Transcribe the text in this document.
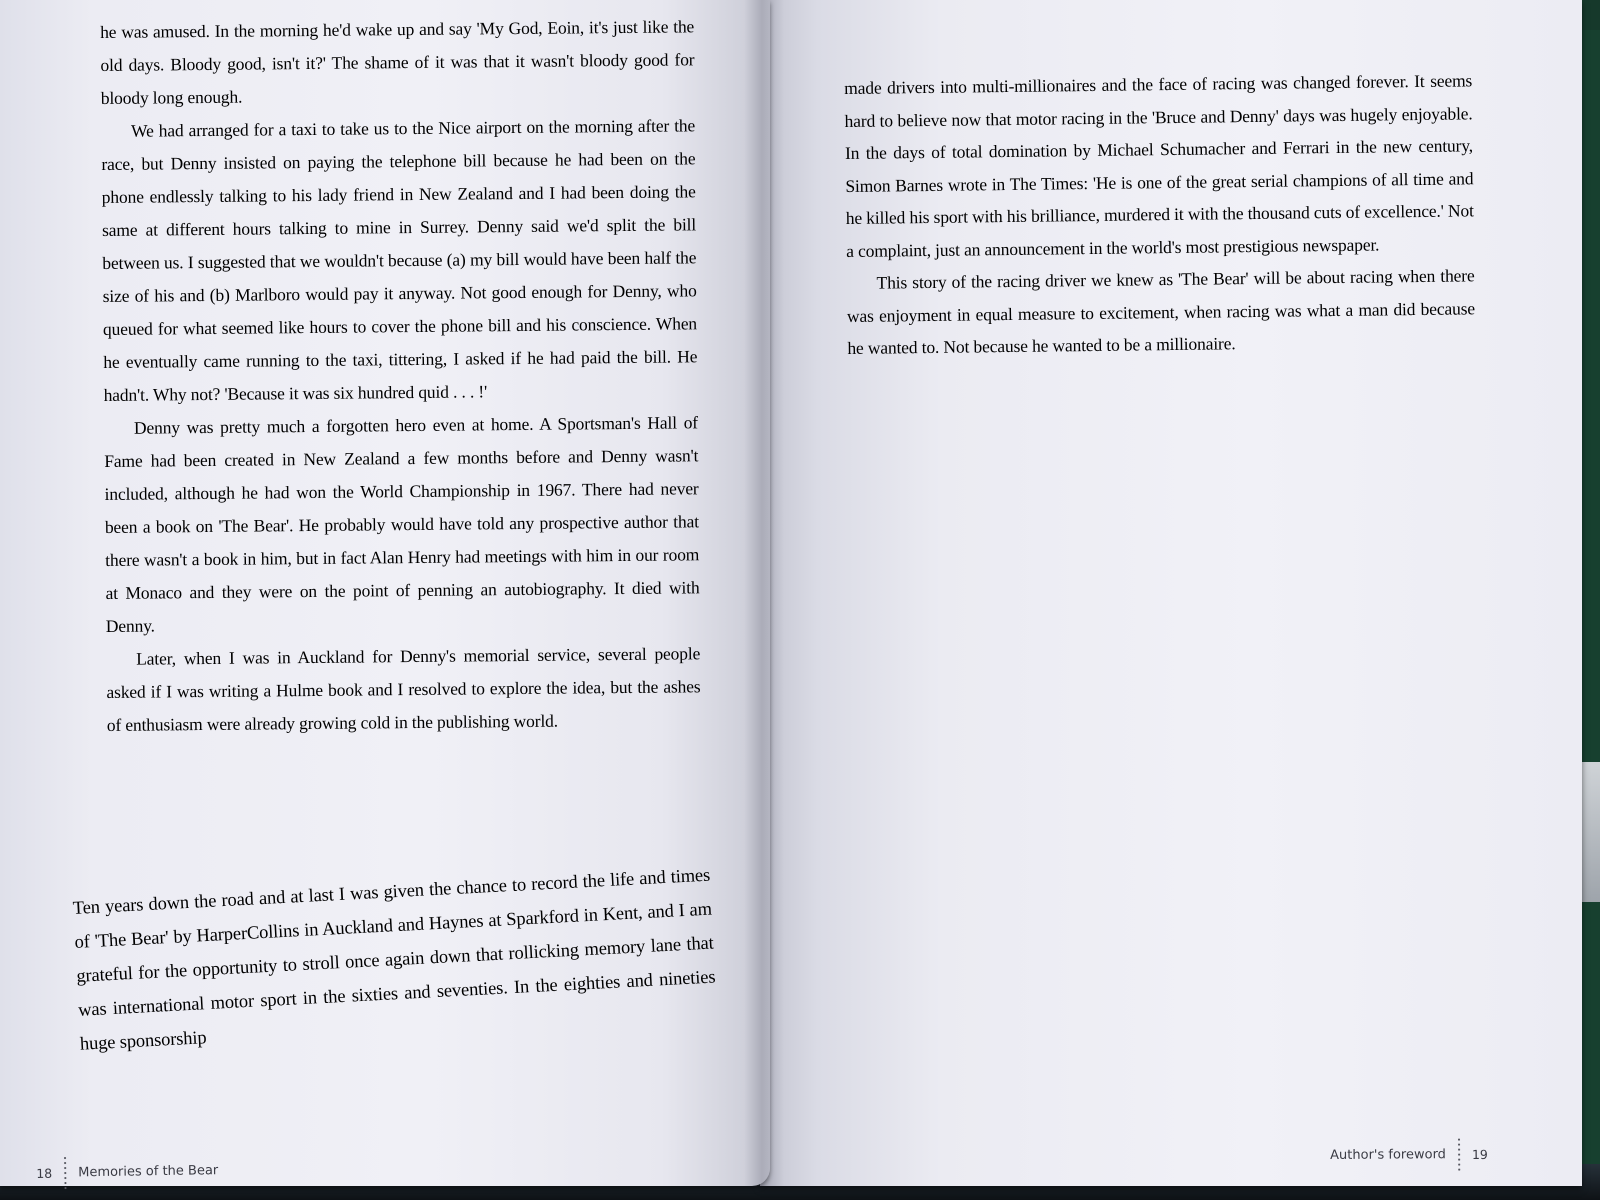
he was amused. In the morning he'd wake up and say 'My God, Eoin, it's just like the old days. Bloody good, isn't it?' The shame of it was that it wasn't bloody good for bloody long enough.

We had arranged for a taxi to take us to the Nice airport on the morning after the race, but Denny insisted on paying the telephone bill because he had been on the phone endlessly talking to his lady friend in New Zealand and I had been doing the same at different hours talking to mine in Surrey. Denny said we'd split the bill between us. I suggested that we wouldn't because (a) my bill would have been half the size of his and (b) Marlboro would pay it anyway. Not good enough for Denny, who queued for what seemed like hours to cover the phone bill and his conscience. When he eventually came running to the taxi, tittering, I asked if he had paid the bill. He hadn't. Why not? 'Because it was six hundred quid . . . !'

Denny was pretty much a forgotten hero even at home. A Sportsman's Hall of Fame had been created in New Zealand a few months before and Denny wasn't included, although he had won the World Championship in 1967. There had never been a book on 'The Bear'. He probably would have told any prospective author that there wasn't a book in him, but in fact Alan Henry had meetings with him in our room at Monaco and they were on the point of penning an autobiography. It died with Denny.

Later, when I was in Auckland for Denny's memorial service, several people asked if I was writing a Hulme book and I resolved to explore the idea, but the ashes of enthusiasm were already growing cold in the publishing world.

Ten years down the road and at last I was given the chance to record the life and times of 'The Bear' by HarperCollins in Auckland and Haynes at Sparkford in Kent, and I am grateful for the opportunity to stroll once again down that rollicking memory lane that was international motor sport in the sixties and seventies. In the eighties and nineties huge sponsorship

made drivers into multi-millionaires and the face of racing was changed forever. It seems hard to believe now that motor racing in the 'Bruce and Denny' days was hugely enjoyable. In the days of total domination by Michael Schumacher and Ferrari in the new century, Simon Barnes wrote in The Times: 'He is one of the great serial champions of all time and he killed his sport with his brilliance, murdered it with the thousand cuts of excellence.' Not a complaint, just an announcement in the world's most prestigious newspaper.

This story of the racing driver we knew as 'The Bear' will be about racing when there was enjoyment in equal measure to excitement, when racing was what a man did because he wanted to. Not because he wanted to be a millionaire.

18 Memories of the Bear
Author's foreword 19
